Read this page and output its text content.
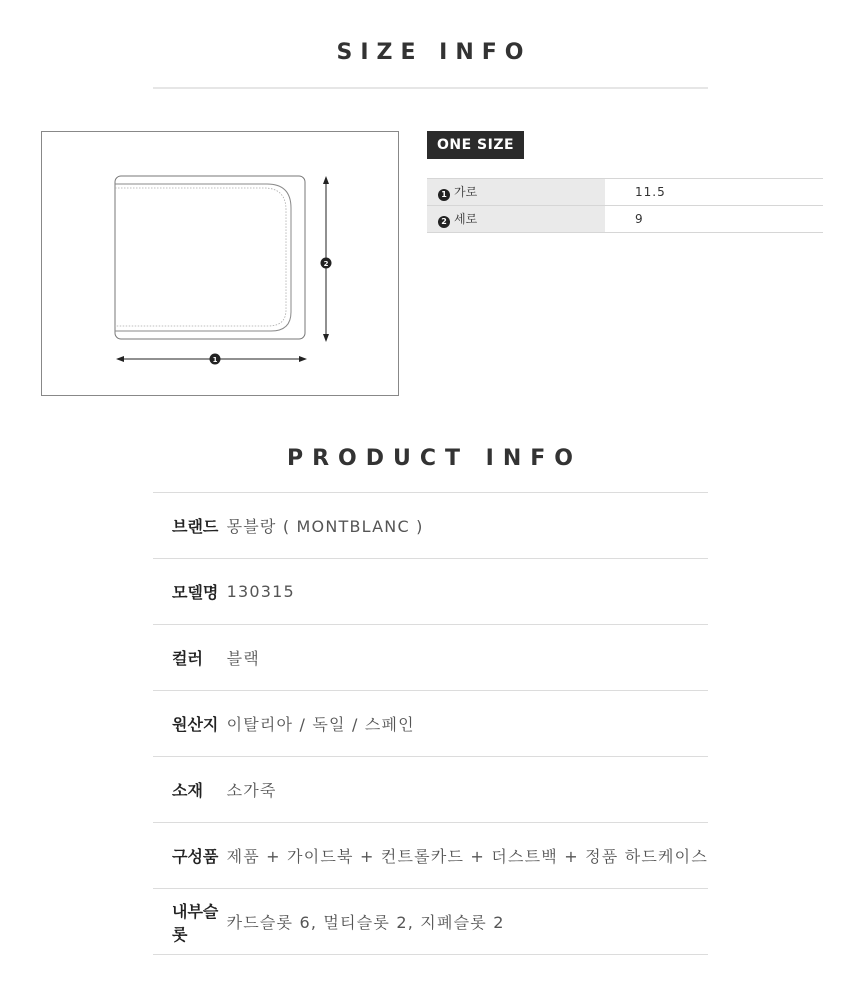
SIZE INFO
2
1
ONE SIZE
1 가로	11.5
2 세로	9
PRODUCT INFO
브랜드	몽블랑 ( MONTBLANC )
모델명	130315
컬러	블랙
원산지	이탈리아 / 독일 / 스페인
소재	소가죽
구성품	제품 + 가이드북 + 컨트롤카드 + 더스트백 + 정품 하드케이스
내부슬롯	카드슬롯 6, 멀티슬롯 2, 지폐슬롯 2
